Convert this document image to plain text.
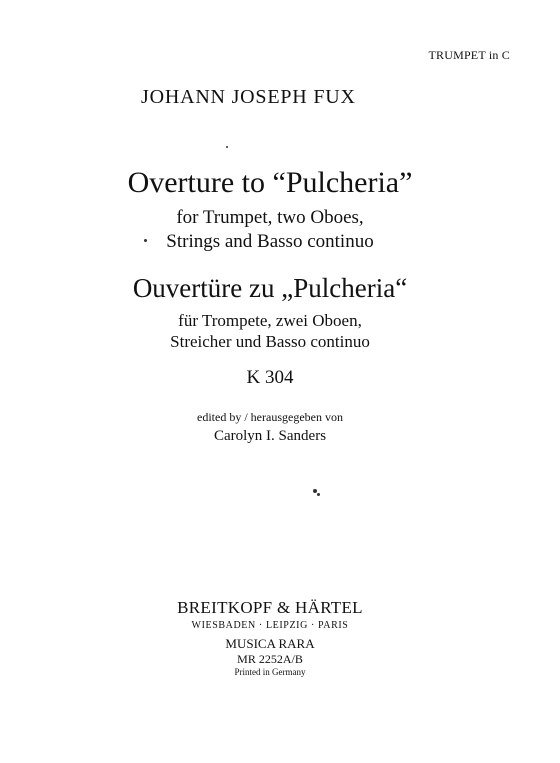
TRUMPET in C
JOHANN JOSEPH FUX
Overture to “Pulcheria”
for Trumpet, two Oboes,
Strings and Basso continuo
Ouvertüre zu „Pulcheria“
für Trompete, zwei Oboen,
Streicher und Basso continuo
K 304
edited by / herausgegeben von
Carolyn I. Sanders
BREITKOPF & HÄRTEL
WIESBADEN · LEIPZIG · PARIS
MUSICA RARA
MR 2252A/B
Printed in Germany
